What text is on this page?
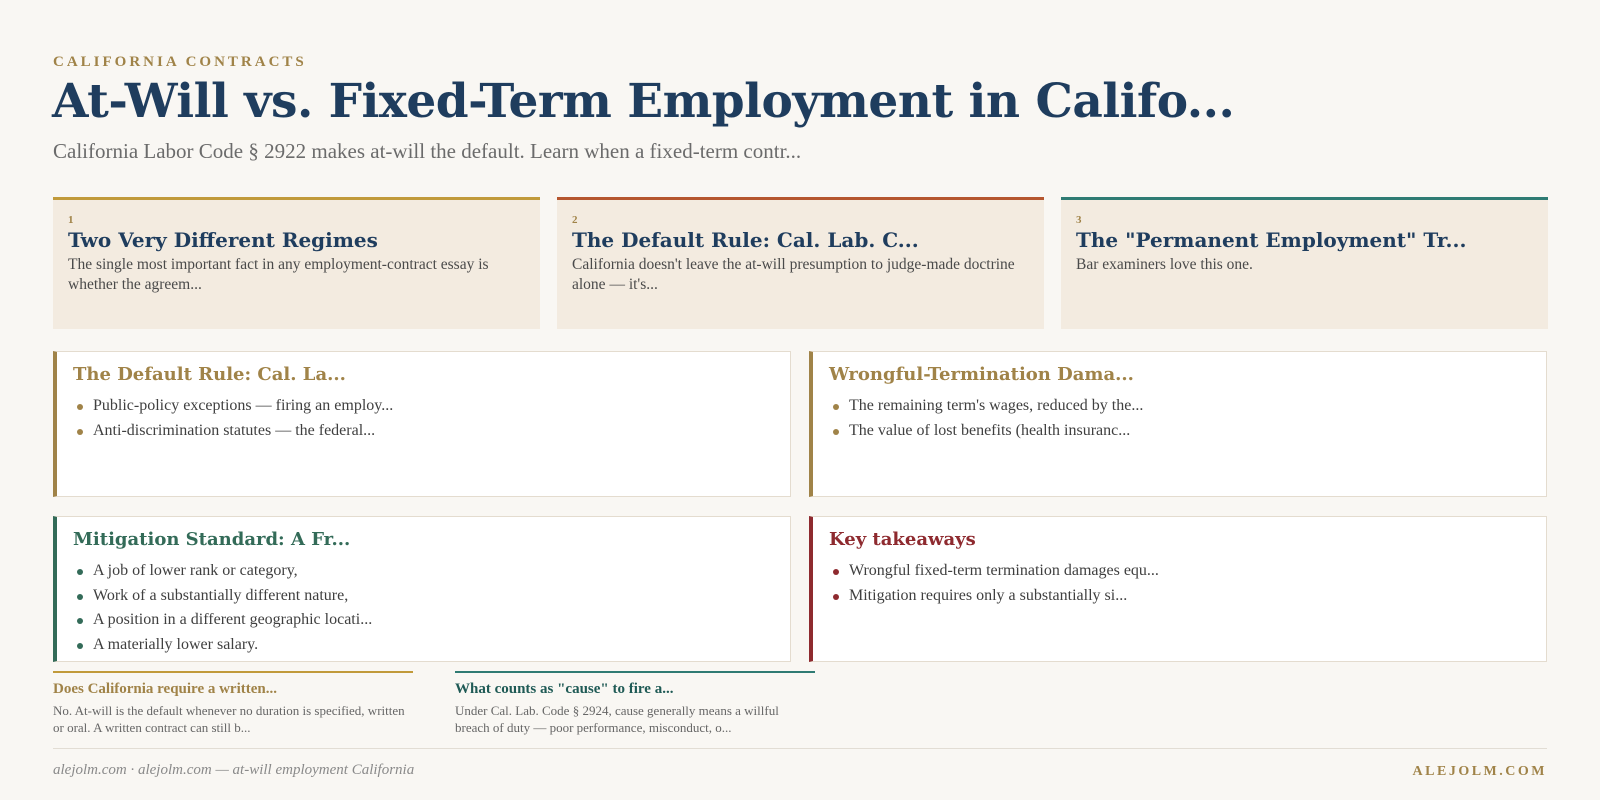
CALIFORNIA CONTRACTS
At-Will vs. Fixed-Term Employment in Califo...
California Labor Code § 2922 makes at-will the default. Learn when a fixed-term contr...
1
Two Very Different Regimes
The single most important fact in any employment-contract essay is whether the agreem...
2
The Default Rule: Cal. Lab. C...
California doesn't leave the at-will presumption to judge-made doctrine alone — it's...
3
The "Permanent Employment" Tr...
Bar examiners love this one.
The Default Rule: Cal. La...
Public-policy exceptions — firing an employ...
Anti-discrimination statutes — the federal...
Wrongful-Termination Dama...
The remaining term's wages, reduced by the...
The value of lost benefits (health insuranc...
Mitigation Standard: A Fr...
A job of lower rank or category,
Work of a substantially different nature,
A position in a different geographic locati...
A materially lower salary.
Key takeaways
Wrongful fixed-term termination damages equ...
Mitigation requires only a substantially si...
Does California require a written...
No. At-will is the default whenever no duration is specified, written or oral. A written contract can still b...
What counts as "cause" to fire a...
Under Cal. Lab. Code § 2924, cause generally means a willful breach of duty — poor performance, misconduct, o...
alejolm.com · alejolm.com — at-will employment California	ALEJOLM.COM
